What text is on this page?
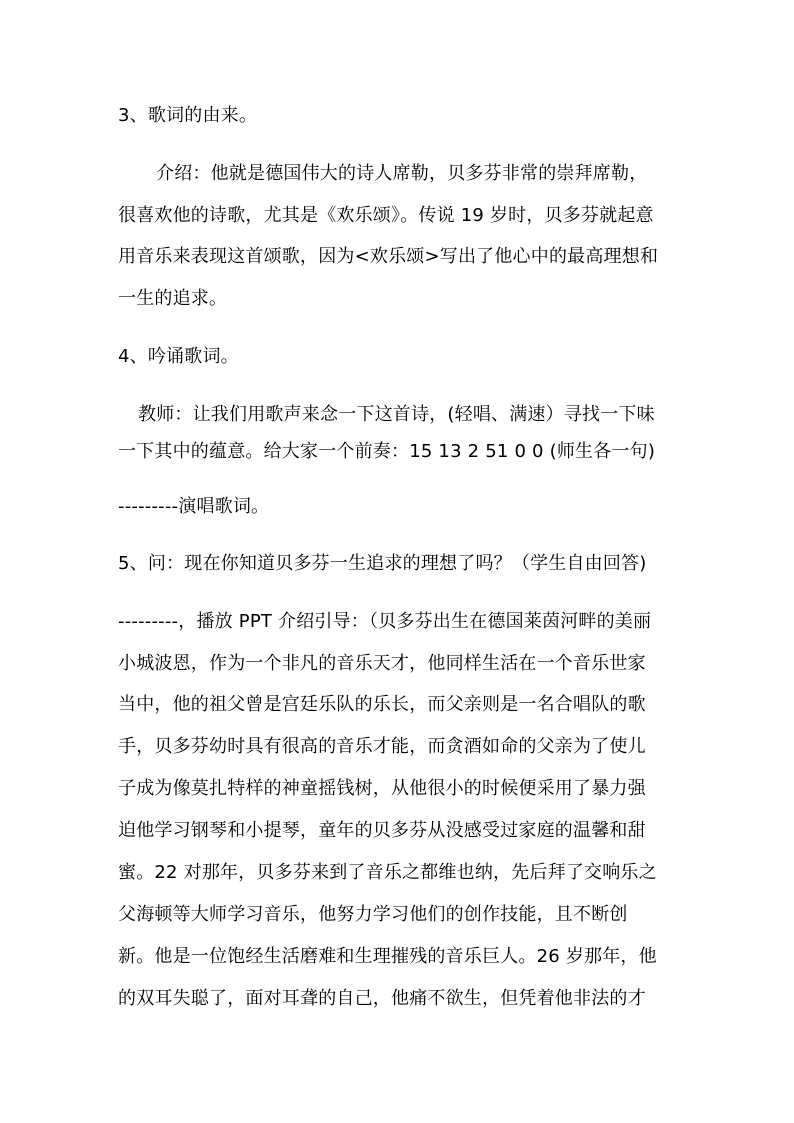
3、歌词的由来。
介绍：他就是德国伟大的诗人席勒，贝多芬非常的崇拜席勒，
很喜欢他的诗歌，尤其是《欢乐颂》。传说 19 岁时，贝多芬就起意
用音乐来表现这首颂歌，因为<欢乐颂>写出了他心中的最高理想和
一生的追求。
4、吟诵歌词。
教师：让我们用歌声来念一下这首诗，(轻唱、满速）寻找一下味
一下其中的蕴意。给大家一个前奏：15 13 2 51 0 0 (师生各一句)
---------演唱歌词。
5、问：现在你知道贝多芬一生追求的理想了吗？（学生自由回答)
---------，播放 PPT 介绍引导：（贝多芬出生在德国莱茵河畔的美丽
小城波恩，作为一个非凡的音乐天才，他同样生活在一个音乐世家
当中，他的祖父曾是宫廷乐队的乐长，而父亲则是一名合唱队的歌
手，贝多芬幼时具有很高的音乐才能，而贪酒如命的父亲为了使儿
子成为像莫扎特样的神童摇钱树，从他很小的时候便采用了暴力强
迫他学习钢琴和小提琴，童年的贝多芬从没感受过家庭的温馨和甜
蜜。22 对那年，贝多芬来到了音乐之都维也纳，先后拜了交响乐之
父海顿等大师学习音乐，他努力学习他们的创作技能，且不断创
新。他是一位饱经生活磨难和生理摧残的音乐巨人。26 岁那年，他
的双耳失聪了，面对耳聋的自己，他痛不欲生，但凭着他非法的才
